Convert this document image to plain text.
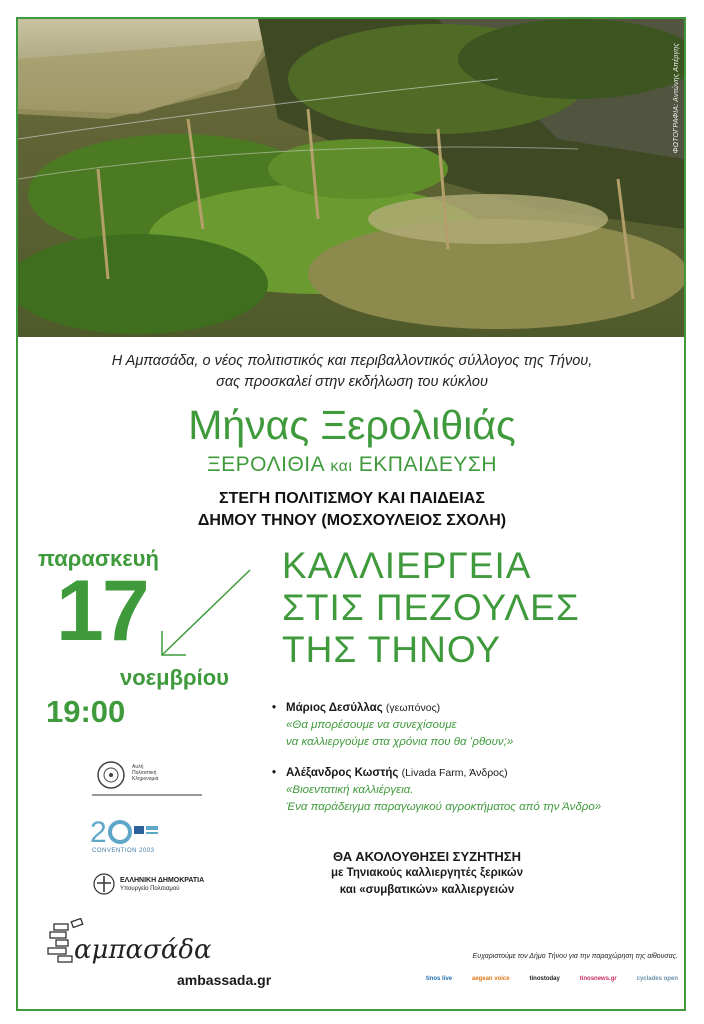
ΦΩΤΟΓΡΑΦΙΑ: Αντώνης Απέργης
Η Αμπασάδα, ο νέος πολιτιστικός και περιβαλλοντικός σύλλογος της Τήνου,
σας προσκαλεί στην εκδήλωση του κύκλου
Μήνας Ξερολιθιάς
ΞΕΡΟΛΙΘΙΑ και ΕΚΠΑΙΔΕΥΣΗ
ΣΤΕΓΗ ΠΟΛΙΤΙΣΜΟΥ ΚΑΙ ΠΑΙΔΕΙΑΣ
ΔΗΜΟΥ ΤΗΝΟΥ (ΜΟΣΧΟΥΛΕΙΟΣ ΣΧΟΛΗ)
παρασκευή
17
νοεμβρίου
19:00
ΚΑΛΛΙΕΡΓΕΙΑ
ΣΤΙΣ ΠΕΖΟΥΛΕΣ
ΤΗΣ ΤΗΝΟΥ
• Μάριος Δεσύλλας (γεωπόνος)
«Θα μπορέσουμε να συνεχίσουμε
να καλλιεργούμε στα χρόνια που θα ‘ρθουν;»
• Αλέξανδρος Κωστής (Livada Farm, Άνδρος)
«Βιοεντατική καλλιέργεια.
Ένα παράδειγμα παραγωγικού αγροκτήματος από την Άνδρο»
ΘΑ ΑΚΟΛΟΥΘΗΣΕΙ ΣΥΖΗΤΗΣΗ
με Τηνιακούς καλλιεργητές ξερικών
και «συμβατικών» καλλιεργειών
Αυλή
Πολιτιστική
Κληρονομιά
2
CONVENTION 2003
ΕΛΛΗΝΙΚΗ ΔΗΜΟΚΡΑΤΙΑ
Υπουργείο Πολιτισμού
αμπασάδα
ambassada.gr
Ευχαριστούμε τον Δήμο Τήνου για την παραχώρηση της αίθουσας.
tinos live	aegean voice	tinostoday	tinosnews.gr	cyclades open
